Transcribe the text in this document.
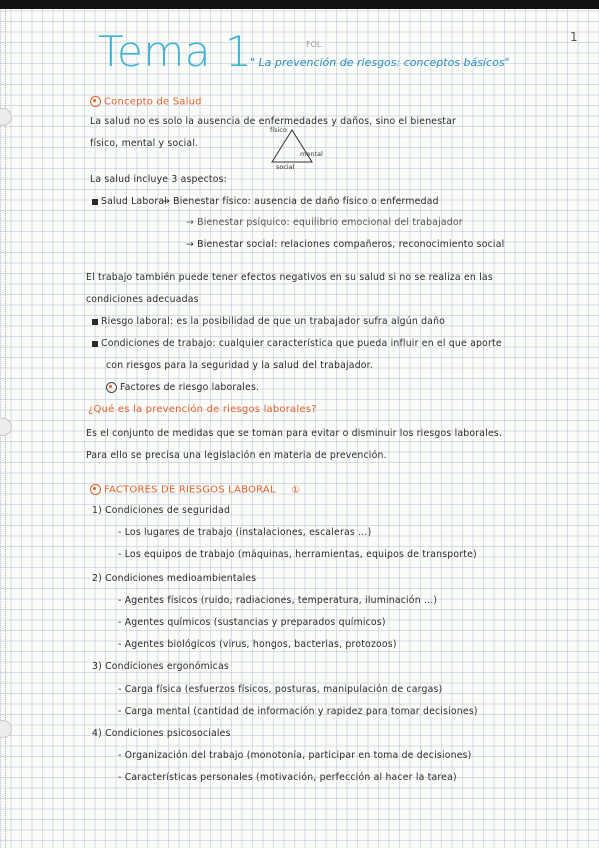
1
FOL
Tema 1
" La prevención de riesgos: conceptos básicos"
Concepto de Salud
La salud no es solo la ausencia de enfermedades y daños, sino el bienestar
físico, mental y social.
físico
social
mental
La salud incluye 3 aspectos:
Salud Laboral
→ Bienestar físico: ausencia de daño físico o enfermedad
→ Bienestar psíquico: equilibrio emocional del trabajador
→ Bienestar social: relaciones compañeros, reconocimiento social
El trabajo también puede tener efectos negativos en su salud si no se realiza en las
condiciones adecuadas
Riesgo laboral: es la posibilidad de que un trabajador sufra algún daño
Condiciones de trabajo: cualquier característica que pueda influir en el que aporte
con riesgos para la seguridad y la salud del trabajador.
Factores de riesgo laborales.
¿Qué es la prevención de riesgos laborales?
Es el conjunto de medidas que se toman para evitar o disminuir los riesgos laborales.
Para ello se precisa una legislación en materia de prevención.
FACTORES DE RIESGOS LABORAL ①
1) Condiciones de seguridad
- Los lugares de trabajo (instalaciones, escaleras ...)
- Los equipos de trabajo (máquinas, herramientas, equipos de transporte)
2) Condiciones medioambientales
- Agentes físicos (ruido, radiaciones, temperatura, iluminación ...)
- Agentes químicos (sustancias y preparados químicos)
- Agentes biológicos (virus, hongos, bacterias, protozoos)
3) Condiciones ergonómicas
- Carga física (esfuerzos físicos, posturas, manipulación de cargas)
- Carga mental (cantidad de información y rapidez para tomar decisiones)
4) Condiciones psicosociales
- Organización del trabajo (monotonía, participar en toma de decisiones)
- Características personales (motivación, perfección al hacer la tarea)
